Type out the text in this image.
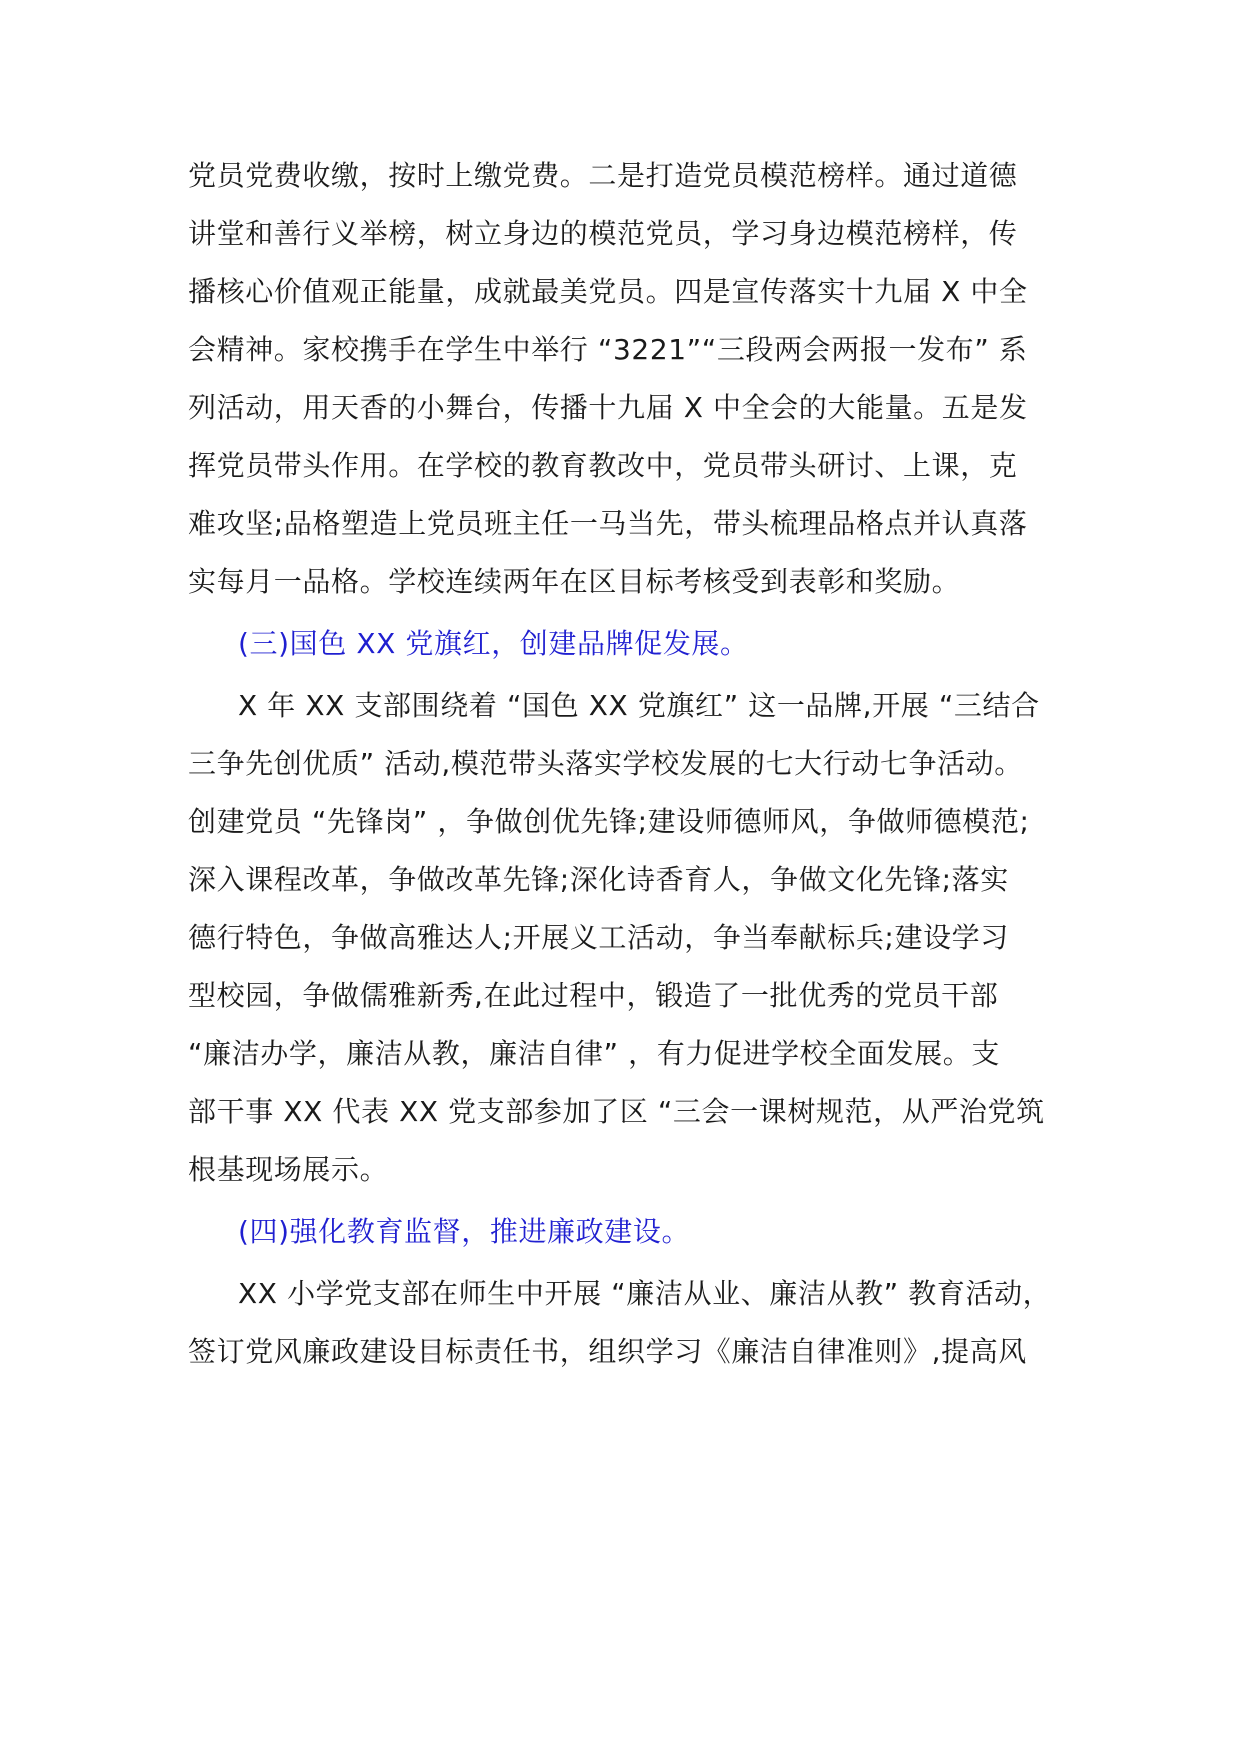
党员党费收缴，按时上缴党费。二是打造党员模范榜样。通过道德
讲堂和善行义举榜，树立身边的模范党员，学习身边模范榜样，传
播核心价值观正能量，成就最美党员。四是宣传落实十九届 X 中全
会精神。家校携手在学生中举行 “3221”“三段两会两报一发布” 系
列活动，用天香的小舞台，传播十九届 X 中全会的大能量。五是发
挥党员带头作用。在学校的教育教改中，党员带头研讨、上课，克
难攻坚;品格塑造上党员班主任一马当先，带头梳理品格点并认真落
实每月一品格。学校连续两年在区目标考核受到表彰和奖励。
(三)国色 XX 党旗红，创建品牌促发展。
X 年 XX 支部围绕着 “国色 XX 党旗红” 这一品牌,开展 “三结合
三争先创优质” 活动,模范带头落实学校发展的七大行动七争活动。
创建党员 “先锋岗” ，争做创优先锋;建设师德师风，争做师德模范;
深入课程改革，争做改革先锋;深化诗香育人，争做文化先锋;落实
德行特色，争做高雅达人;开展义工活动，争当奉献标兵;建设学习
型校园，争做儒雅新秀,在此过程中，锻造了一批优秀的党员干部
“廉洁办学，廉洁从教，廉洁自律” ，有力促进学校全面发展。支
部干事 XX 代表 XX 党支部参加了区 “三会一课树规范，从严治党筑
根基现场展示。
(四)强化教育监督，推进廉政建设。
XX 小学党支部在师生中开展 “廉洁从业、廉洁从教” 教育活动，
签订党风廉政建设目标责任书，组织学习《廉洁自律准则》,提高风
